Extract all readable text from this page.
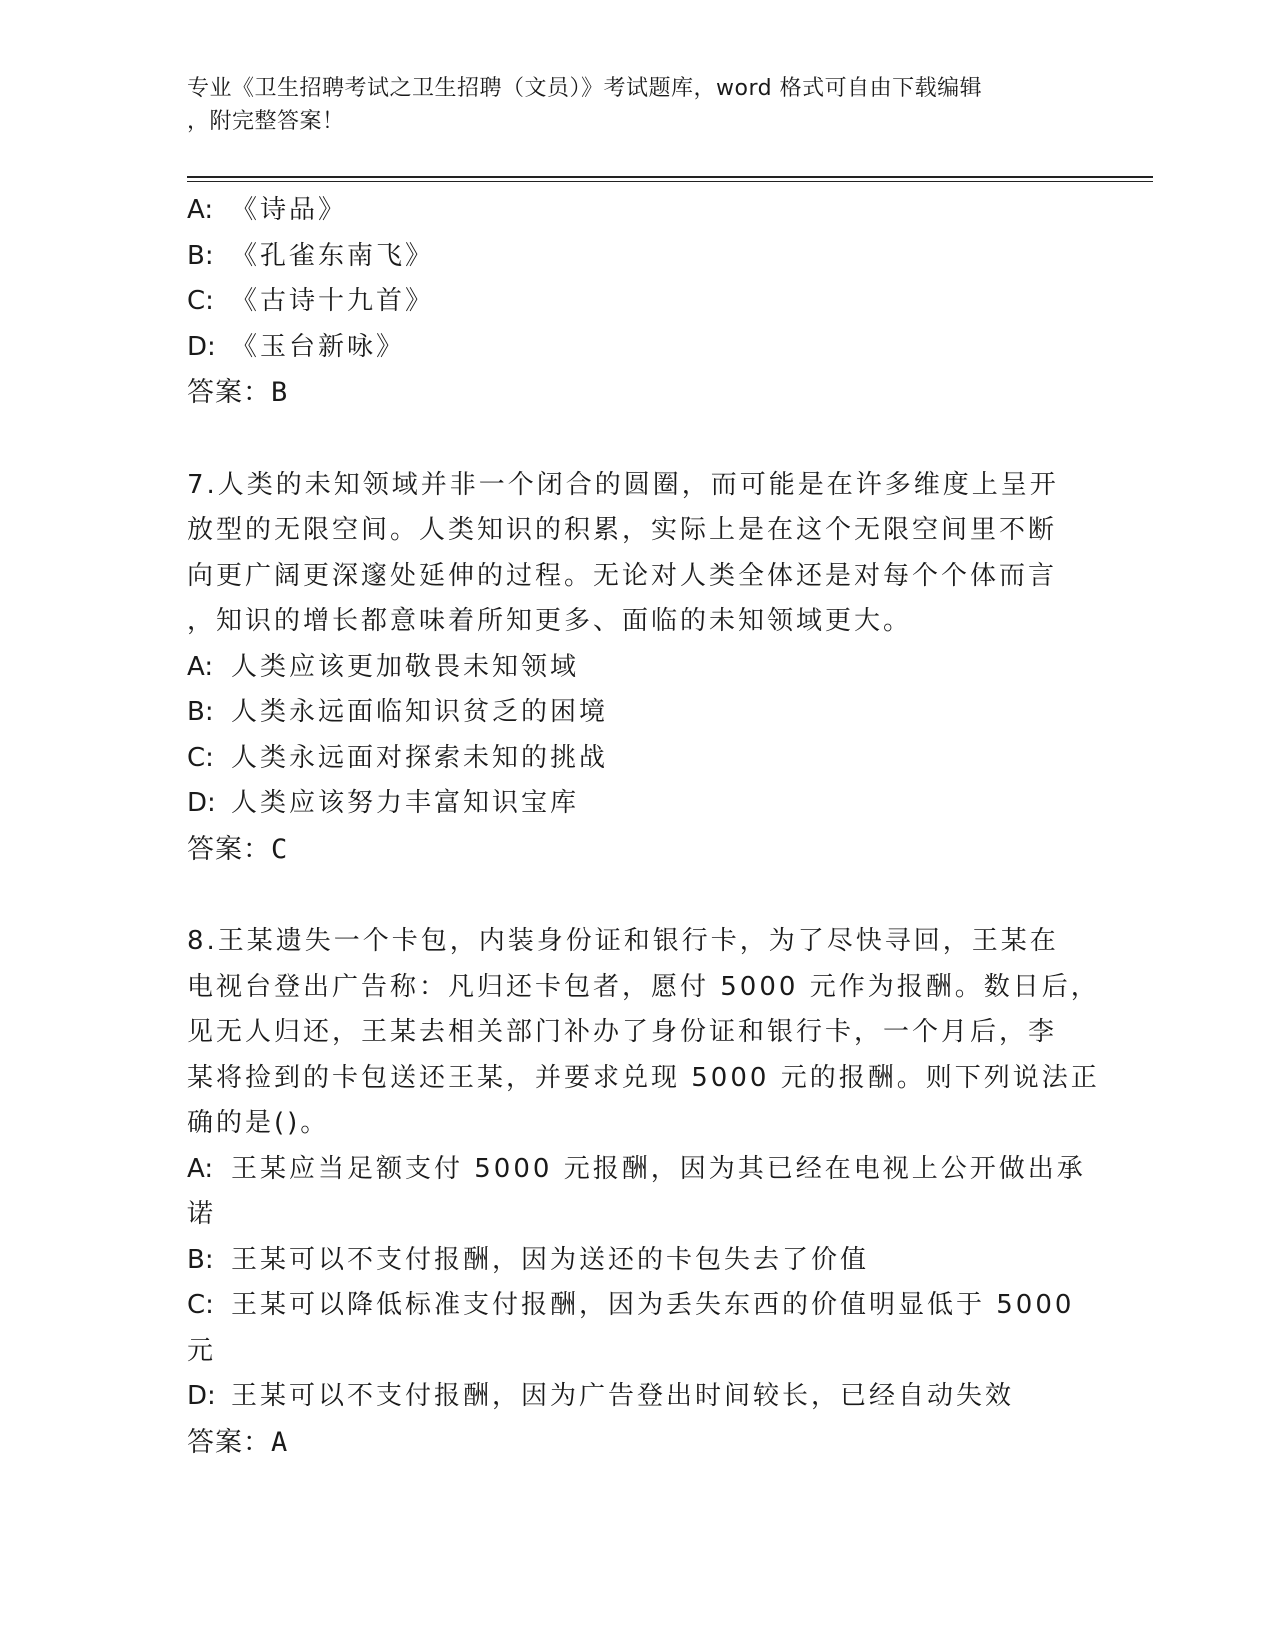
专业《卫生招聘考试之卫生招聘（文员）》考试题库，word 格式可自由下载编辑
，附完整答案！
A: 《诗品》
B: 《孔雀东南飞》
C: 《古诗十九首》
D: 《玉台新咏》
答案：B
7.人类的未知领域并非一个闭合的圆圈，而可能是在许多维度上呈开
放型的无限空间。人类知识的积累，实际上是在这个无限空间里不断
向更广阔更深邃处延伸的过程。无论对人类全体还是对每个个体而言
，知识的增长都意味着所知更多、面临的未知领域更大。
A: 人类应该更加敬畏未知领域
B: 人类永远面临知识贫乏的困境
C: 人类永远面对探索未知的挑战
D: 人类应该努力丰富知识宝库
答案：C
8.王某遗失一个卡包，内装身份证和银行卡，为了尽快寻回，王某在
电视台登出广告称：凡归还卡包者，愿付 5000 元作为报酬。数日后，
见无人归还，王某去相关部门补办了身份证和银行卡，一个月后，李
某将捡到的卡包送还王某，并要求兑现 5000 元的报酬。则下列说法正
确的是()。
A: 王某应当足额支付 5000 元报酬，因为其已经在电视上公开做出承
诺
B: 王某可以不支付报酬，因为送还的卡包失去了价值
C: 王某可以降低标准支付报酬，因为丢失东西的价值明显低于 5000
元
D: 王某可以不支付报酬，因为广告登出时间较长，已经自动失效
答案：A
